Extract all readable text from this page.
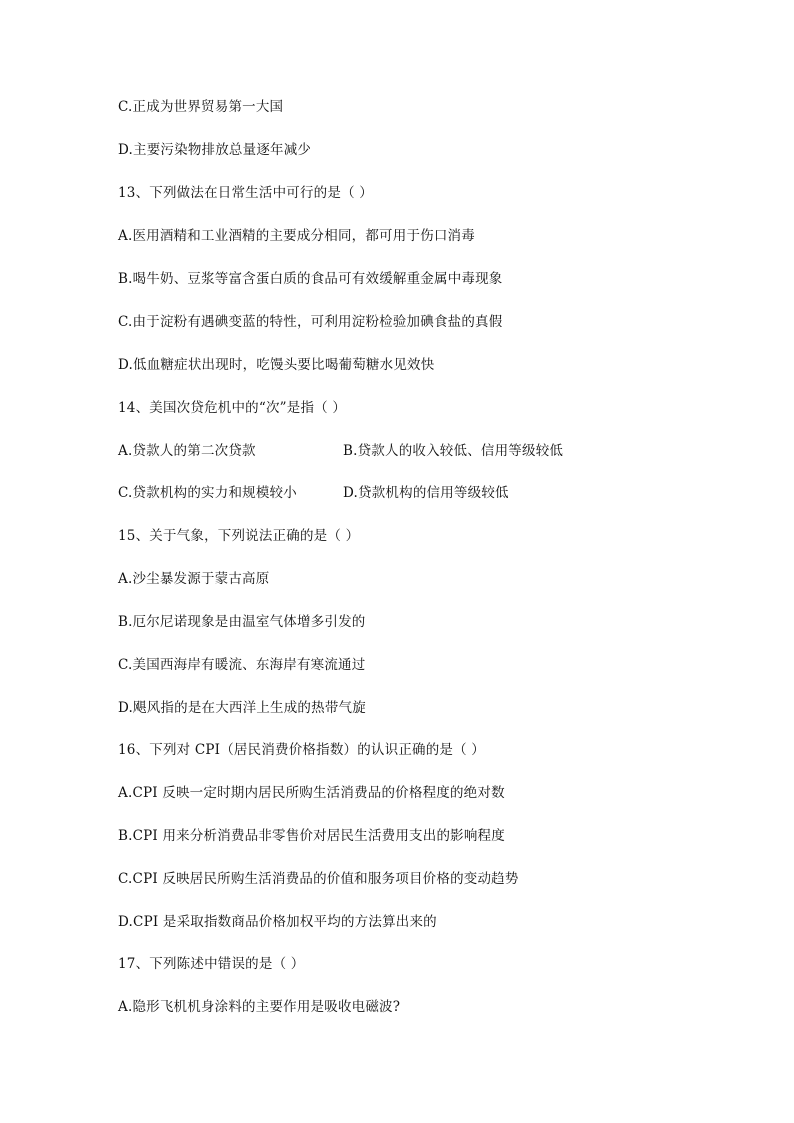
C.正成为世界贸易第一大国
D.主要污染物排放总量逐年减少
13、下列做法在日常生活中可行的是（ ）
A.医用酒精和工业酒精的主要成分相同，都可用于伤口消毒
B.喝牛奶、豆浆等富含蛋白质的食品可有效缓解重金属中毒现象
C.由于淀粉有遇碘变蓝的特性，可利用淀粉检验加碘食盐的真假
D.低血糖症状出现时，吃馒头要比喝葡萄糖水见效快
14、美国次贷危机中的“次”是指（ ）
A.贷款人的第二次贷款	B.贷款人的收入较低、信用等级较低
C.贷款机构的实力和规模较小	D.贷款机构的信用等级较低
15、关于气象，下列说法正确的是（ ）
A.沙尘暴发源于蒙古高原
B.厄尔尼诺现象是由温室气体增多引发的
C.美国西海岸有暖流、东海岸有寒流通过
D.飓风指的是在大西洋上生成的热带气旋
16、下列对 CPI（居民消费价格指数）的认识正确的是（ ）
A.CPI 反映一定时期内居民所购生活消费品的价格程度的绝对数
B.CPI 用来分析消费品非零售价对居民生活费用支出的影响程度
C.CPI 反映居民所购生活消费品的价值和服务项目价格的变动趋势
D.CPI 是采取指数商品价格加权平均的方法算出来的
17、下列陈述中错误的是（ ）
A.隐形飞机机身涂料的主要作用是吸收电磁波?
